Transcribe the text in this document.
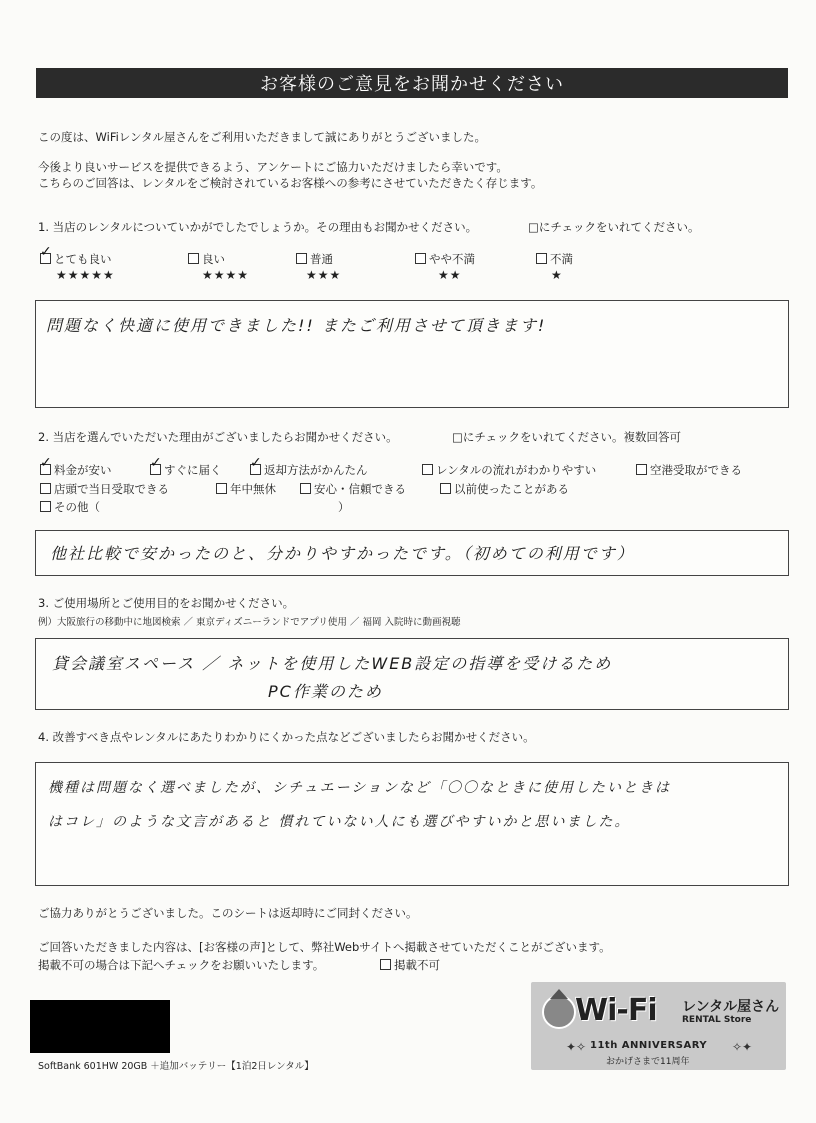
お客様のご意見をお聞かせください
この度は、WiFiレンタル屋さんをご利用いただきまして誠にありがとうございました。
今後より良いサービスを提供できるよう、アンケートにご協力いただけましたら幸いです。
こちらのご回答は、レンタルをご検討されているお客様への参考にさせていただきたく存じます。
1. 当店のレンタルについていかがでしたでしょうか。その理由もお聞かせください。	□にチェックをいれてください。
✓とても良い
★★★★★
良い
★★★★
普通
★★★
やや不満
★★
不満
★
問題なく快適に使用できました!! またご利用させて頂きます!
2. 当店を選んでいただいた理由がございましたらお聞かせください。	□にチェックをいれてください。複数回答可
✓料金が安い ✓	すぐに届く ✓	返却方法がかんたん	レンタルの流れがわかりやすい	空港受取ができる
店頭で当日受取できる	年中無休	安心・信頼できる	以前使ったことがある
その他（	）
他社比較で安かったのと、分かりやすかったです。（初めての利用です）
3. ご使用場所とご使用目的をお聞かせください。
例）大阪旅行の移動中に地図検索 ／ 東京ディズニーランドでアプリ使用 ／ 福岡 入院時に動画視聴
貸会議室スペース ／ ネットを使用したWEB設定の指導を受けるため
PC作業のため
4. 改善すべき点やレンタルにあたりわかりにくかった点などございましたらお聞かせください。
機種は問題なく選べましたが、シチュエーションなど「〇〇なときに使用したいときは
はコレ」のような文言があると 慣れていない人にも選びやすいかと思いました。
ご協力ありがとうございました。このシートは返却時にご同封ください。
ご回答いただきました内容は、[お客様の声]として、弊社Webサイトへ掲載させていただくことがございます。
掲載不可の場合は下記へチェックをお願いいたします。	掲載不可
SoftBank 601HW 20GB ＋追加バッテリー【1泊2日レンタル】
Wi-Fi レンタル屋さん
RENTAL Store
✦✧ 11th ANNIVERSARY ✧✦
おかげさまで11周年
